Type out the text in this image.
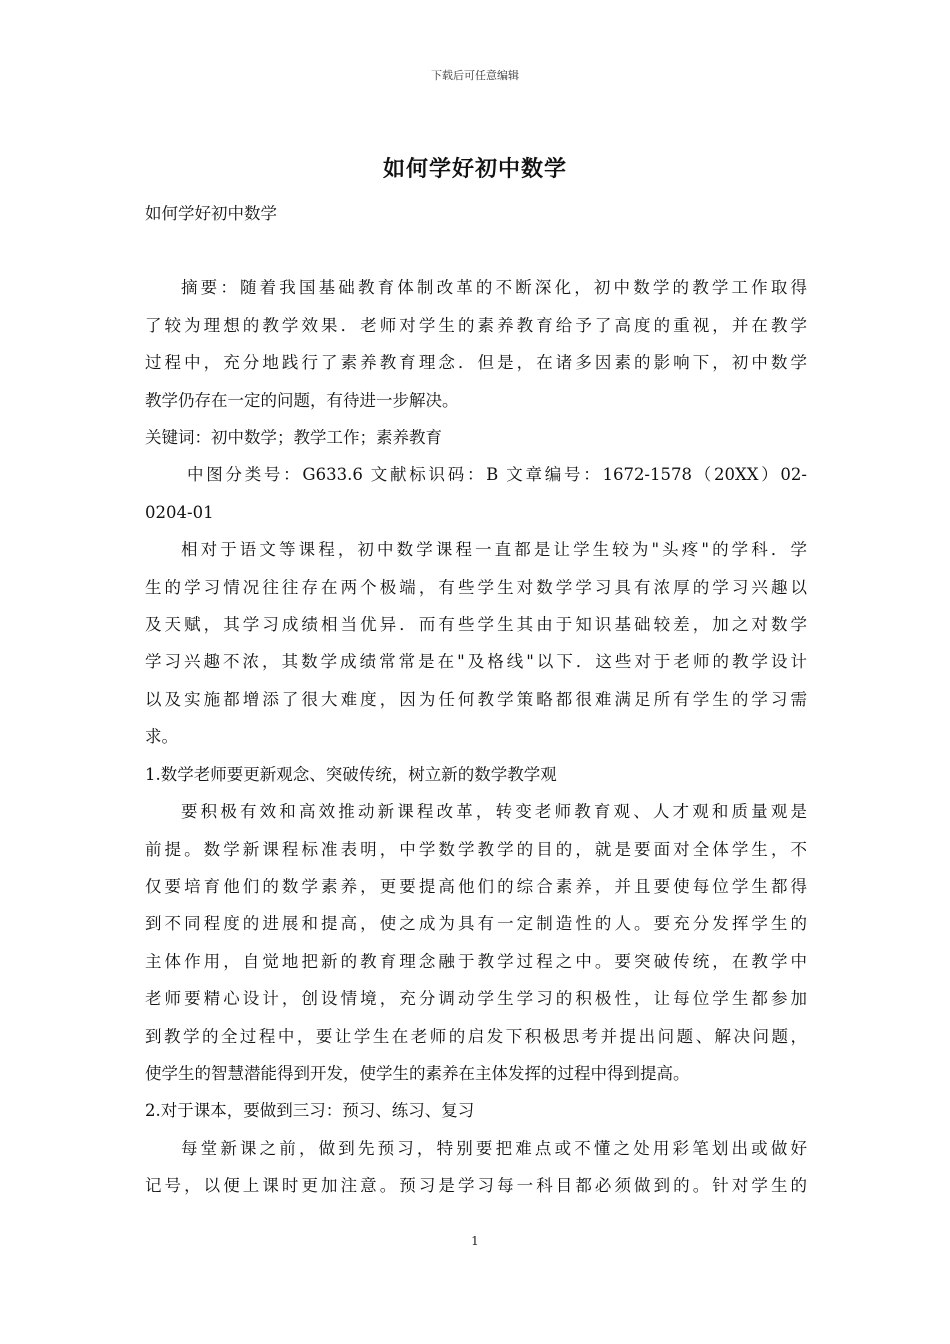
下载后可任意编辑
如何学好初中数学

如何学好初中数学

摘要：随着我国基础教育体制改革的不断深化，初中数学的教学工作取得
了较为理想的教学效果．老师对学生的素养教育给予了高度的重视，并在教学
过程中，充分地践行了素养教育理念．但是，在诸多因素的影响下，初中数学
教学仍存在一定的问题，有待进一步解决。

关键词：初中数学；教学工作；素养教育

中图分类号：G633.6 文献标识码：B 文章编号：1672-1578（20XX）02-
0204-01

相对于语文等课程，初中数学课程一直都是让学生较为"头疼"的学科．学
生的学习情况往往存在两个极端，有些学生对数学学习具有浓厚的学习兴趣以
及天赋，其学习成绩相当优异．而有些学生其由于知识基础较差，加之对数学
学习兴趣不浓，其数学成绩常常是在"及格线"以下．这些对于老师的教学设计
以及实施都增添了很大难度，因为任何教学策略都很难满足所有学生的学习需
求。

1.数学老师要更新观念、突破传统，树立新的数学教学观

要积极有效和高效推动新课程改革，转变老师教育观、人才观和质量观是
前提。数学新课程标准表明，中学数学教学的目的，就是要面对全体学生，不
仅要培育他们的数学素养，更要提高他们的综合素养，并且要使每位学生都得
到不同程度的进展和提高，使之成为具有一定制造性的人。要充分发挥学生的
主体作用，自觉地把新的教育理念融于教学过程之中。要突破传统，在教学中
老师要精心设计，创设情境，充分调动学生学习的积极性，让每位学生都参加
到教学的全过程中，要让学生在老师的启发下积极思考并提出问题、解决问题，
使学生的智慧潜能得到开发，使学生的素养在主体发挥的过程中得到提高。

2.对于课本，要做到三习：预习、练习、复习

每堂新课之前，做到先预习，特别要把难点或不懂之处用彩笔划出或做好
记号，以便上课时更加注意。预习是学习每一科目都必须做到的。针对学生的

1
